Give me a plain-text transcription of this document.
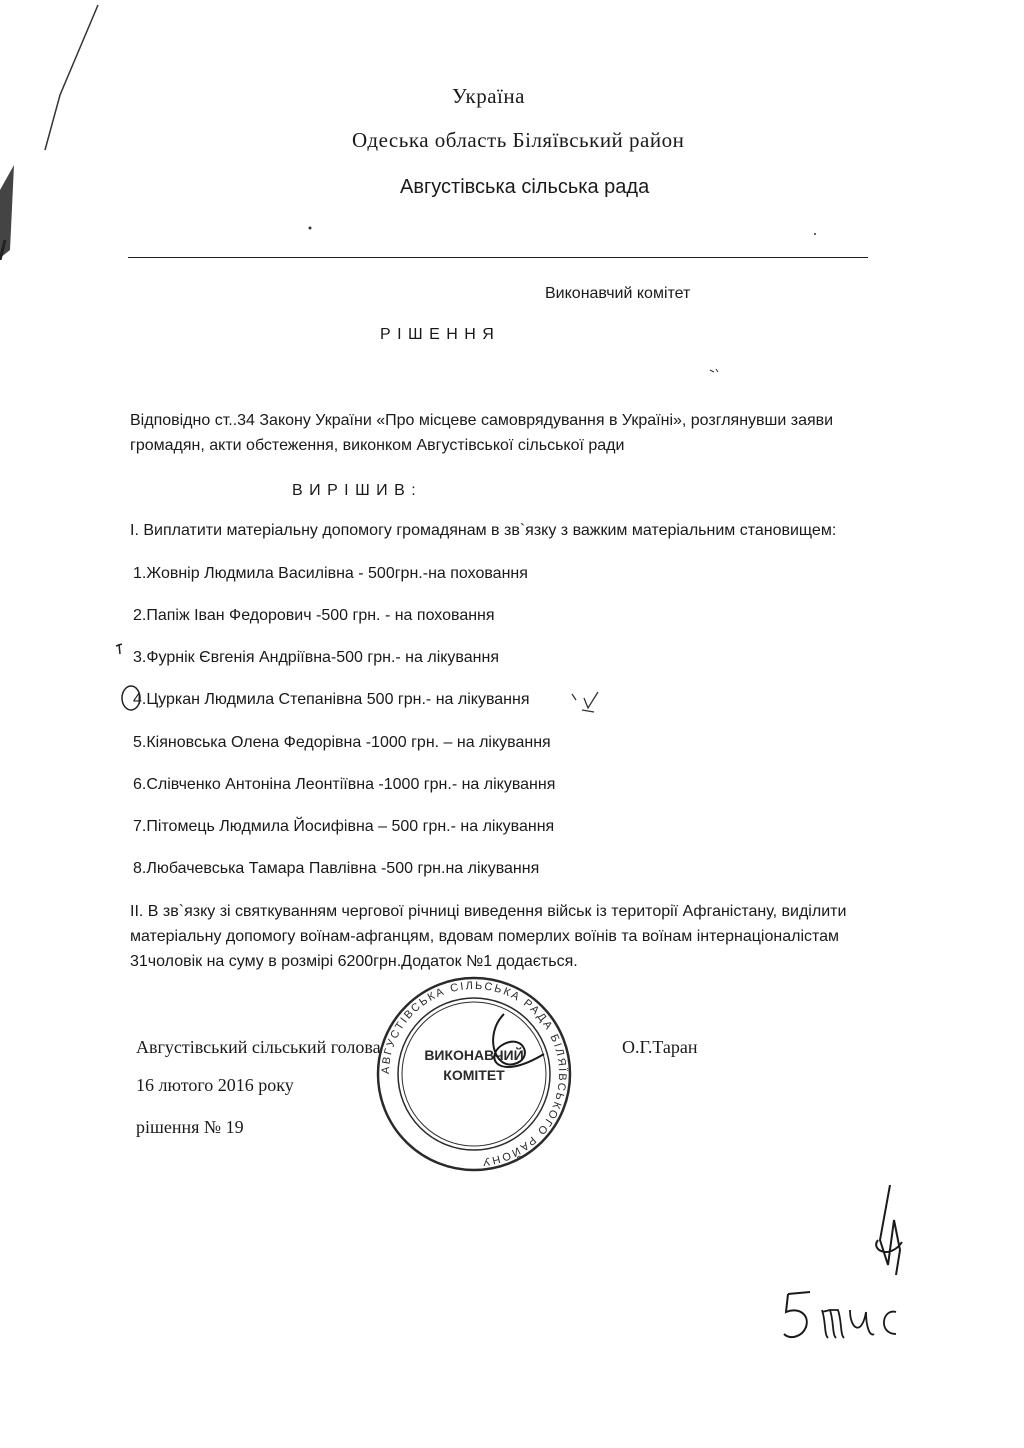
Україна
Одеська область Біляївський район
Августівська сільська рада
Виконавчий комітет
Р І Ш Е Н Н Я
Відповідно ст..34 Закону України «Про місцеве самоврядування в Україні», розглянувши заяви
громадян, акти обстеження, виконком Августівської сільської ради
В И Р І Ш И В :
І. Виплатити матеріальну допомогу громадянам в зв`язку з важким матеріальним становищем:
1.Жовнір Людмила Василівна - 500грн.-на поховання
2.Папіж Іван Федорович -500 грн. - на поховання
3.Фурнік Євгенія Андріївна-500 грн.- на лікування
4.Цуркан Людмила Степанівна 500 грн.- на лікування
5.Кіяновська Олена Федорівна -1000 грн. – на лікування
6.Слівченко Антоніна Леонтіївна -1000 грн.- на лікування
7.Пітомець Людмила Йосифівна – 500 грн.- на лікування
8.Любачевська Тамара Павлівна -500 грн.на лікування
ІІ. В зв`язку зі святкуванням чергової річниці виведення військ із території Афганістану, виділити
матеріальну допомогу воїнам-афганцям, вдовам померлих воїнів та воїнам інтернаціоналістам
31чоловік на суму в розмірі 6200грн.Додаток №1 додається.
Августівський сільський голова	О.Г.Таран
16 лютого 2016 року
рішення № 19
АВГУСТІВСЬКА СІЛЬСЬКА РАДА БІЛЯЇВСЬКОГО РАЙОНУ
ВИКОНАВЧИЙ
КОМІТЕТ
